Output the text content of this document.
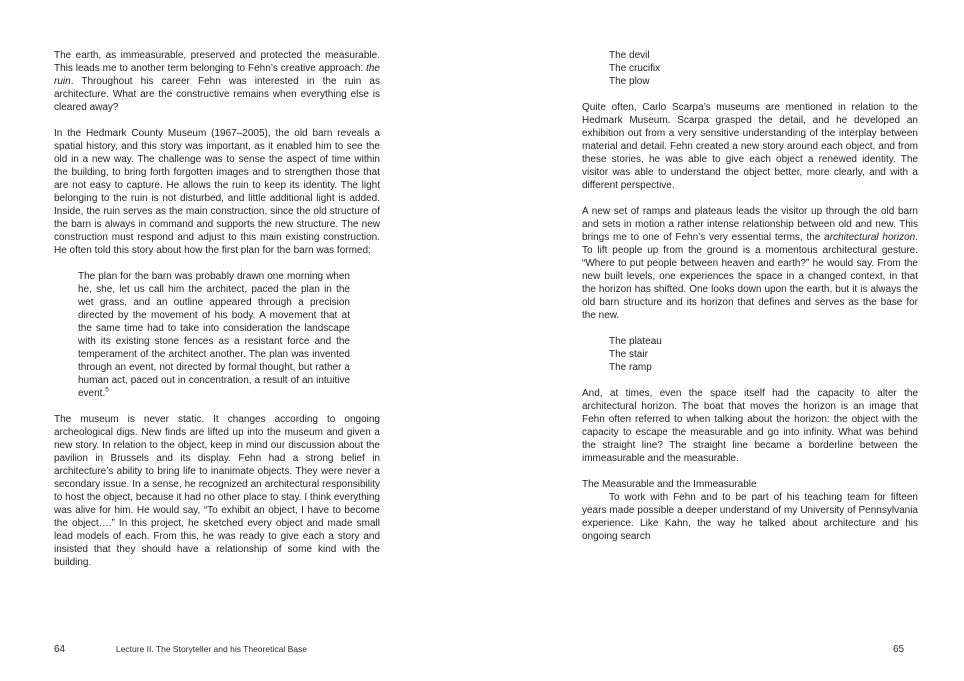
The earth, as immeasurable, preserved and protected the measurable. This leads me to another term belonging to Fehn’s creative approach: the ruin. Throughout his career Fehn was interested in the ruin as architecture. What are the constructive remains when everything else is cleared away?

In the Hedmark County Museum (1967–2005), the old barn reveals a spatial history, and this story was important, as it enabled him to see the old in a new way. The challenge was to sense the aspect of time within the building, to bring forth forgotten images and to strengthen those that are not easy to capture. He allows the ruin to keep its identity. The light belonging to the ruin is not disturbed, and little additional light is added. Inside, the ruin serves as the main construction, since the old structure of the barn is always in command and supports the new structure. The new construction must respond and adjust to this main existing construction. He often told this story about how the first plan for the barn was formed:

The plan for the barn was probably drawn one morning when he, she, let us call him the architect, paced the plan in the wet grass, and an outline appeared through a precision directed by the movement of his body. A movement that at the same time had to take into consideration the landscape with its existing stone fences as a resistant force and the temperament of the architect another. The plan was invented through an event, not directed by formal thought, but rather a human act, paced out in concentration, a result of an intuitive event.$^5$

The museum is never static. It changes according to ongoing archeological digs. New finds are lifted up into the museum and given a new story. In relation to the object, keep in mind our discussion about the pavilion in Brussels and its display. Fehn had a strong belief in architecture’s ability to bring life to inanimate objects. They were never a secondary issue. In a sense, he recognized an architectural responsibility to host the object, because it had no other place to stay. I think everything was alive for him. He would say, “To exhibit an object, I have to become the object….” In this project, he sketched every object and made small lead models of each. From this, he was ready to give each a story and insisted that they should have a relationship of some kind with the building.

The devil
The crucifix
The plow

Quite often, Carlo Scarpa’s museums are mentioned in relation to the Hedmark Museum. Scarpa grasped the detail, and he developed an exhibition out from a very sensitive understanding of the interplay between material and detail. Fehn created a new story around each object, and from these stories, he was able to give each object a renewed identity. The visitor was able to understand the object better, more clearly, and with a different perspective.

A new set of ramps and plateaus leads the visitor up through the old barn and sets in motion a rather intense relationship between old and new. This brings me to one of Fehn’s very essential terms, the architectural horizon. To lift people up from the ground is a momentous architectural gesture. “Where to put people between heaven and earth?” he would say. From the new built levels, one experiences the space in a changed context, in that the horizon has shifted. One looks down upon the earth, but it is always the old barn structure and its horizon that defines and serves as the base for the new.

The plateau
The stair
The ramp

And, at times, even the space itself had the capacity to alter the architectural horizon. The boat that moves the horizon is an image that Fehn often referred to when talking about the horizon: the object with the capacity to escape the measurable and go into infinity. What was behind the straight line? The straight line became a borderline between the immeasurable and the measurable.

The Measurable and the Immeasurable

To work with Fehn and to be part of his teaching team for fifteen years made possible a deeper understand of my University of Pennsylvania experience. Like Kahn, the way he talked about architecture and his ongoing search

64	Lecture II. The Storyteller and his Theoretical Base	65
